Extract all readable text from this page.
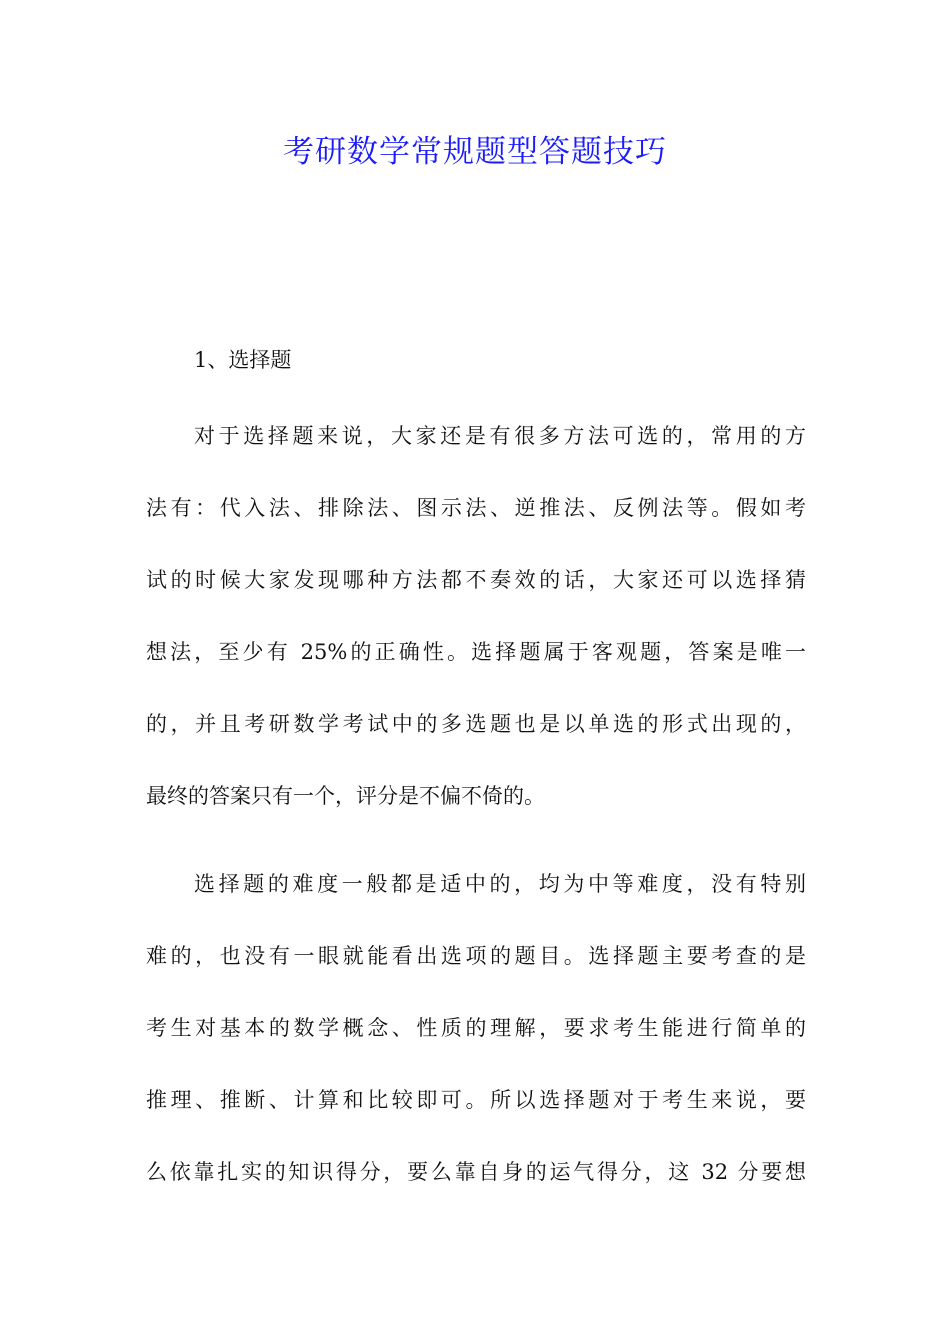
考研数学常规题型答题技巧
1、选择题
对于选择题来说，大家还是有很多方法可选的，常用的方
法有：代入法、排除法、图示法、逆推法、反例法等。假如考
试的时候大家发现哪种方法都不奏效的话，大家还可以选择猜
想法，至少有 25%的正确性。选择题属于客观题，答案是唯一
的，并且考研数学考试中的多选题也是以单选的形式出现的，
最终的答案只有一个，评分是不偏不倚的。
选择题的难度一般都是适中的，均为中等难度，没有特别
难的，也没有一眼就能看出选项的题目。选择题主要考查的是
考生对基本的数学概念、性质的理解，要求考生能进行简单的
推理、推断、计算和比较即可。所以选择题对于考生来说，要
么依靠扎实的知识得分，要么靠自身的运气得分，这 32 分要想
